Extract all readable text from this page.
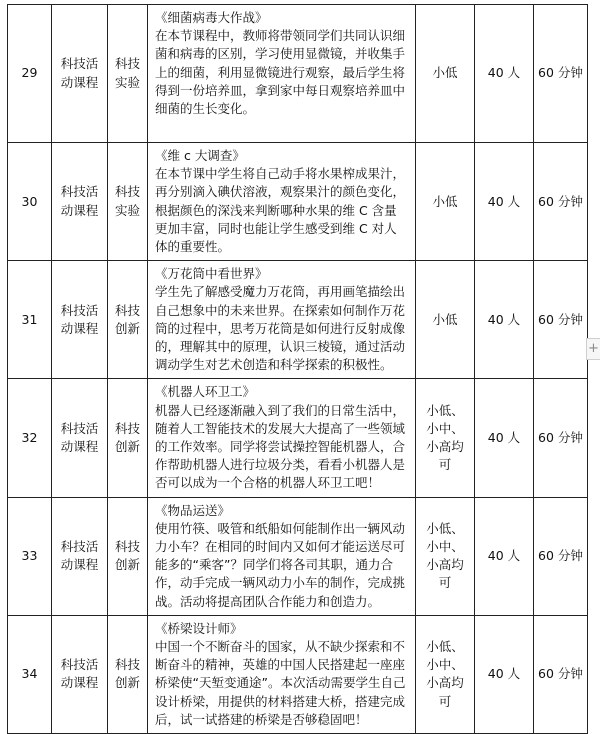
29	科技活动课程	科技实验	《细菌病毒大作战》
在本节课程中，教师将带领同学们共同认识细菌和病毒的区别，学习使用显微镜，并收集手上的细菌，利用显微镜进行观察，最后学生将得到一份培养皿，拿到家中每日观察培养皿中细菌的生长变化。	小低	40 人	60 分钟
30	科技活动课程	科技实验	《维 c 大调查》
在本节课中学生将自己动手将水果榨成果汁，再分别滴入碘伏溶液，观察果汁的颜色变化，根据颜色的深浅来判断哪种水果的维 C 含量更加丰富，同时也能让学生感受到维 C 对人体的重要性。	小低	40 人	60 分钟
31	科技活动课程	科技创新	《万花筒中看世界》
学生先了解感受魔力万花筒，再用画笔描绘出自己想象中的未来世界。在探索如何制作万花筒的过程中，思考万花筒是如何进行反射成像的，理解其中的原理，认识三棱镜，通过活动调动学生对艺术创造和科学探索的积极性。	小低	40 人	60 分钟
32	科技活动课程	科技创新	《机器人环卫工》
机器人已经逐渐融入到了我们的日常生活中，随着人工智能技术的发展大大提高了一些领域的工作效率。同学将尝试操控智能机器人，合作帮助机器人进行垃圾分类，看看小机器人是否可以成为一个合格的机器人环卫工吧！	小低、小中、小高均可	40 人	60 分钟
33	科技活动课程	科技创新	《物品运送》
使用竹筷、吸管和纸船如何能制作出一辆风动力小车？在相同的时间内又如何才能运送尽可能多的“乘客”？同学们将各司其职，通力合作，动手完成一辆风动力小车的制作，完成挑战。活动将提高团队合作能力和创造力。	小低、小中、小高均可	40 人	60 分钟
34	科技活动课程	科技创新	《桥梁设计师》
中国一个不断奋斗的国家，从不缺少探索和不断奋斗的精神，英雄的中国人民搭建起一座座桥梁使“天堑变通途”。本次活动需要学生自己设计桥梁，用提供的材料搭建大桥，搭建完成后，试一试搭建的桥梁是否够稳固吧！	小低、小中、小高均可	40 人	60 分钟
+
